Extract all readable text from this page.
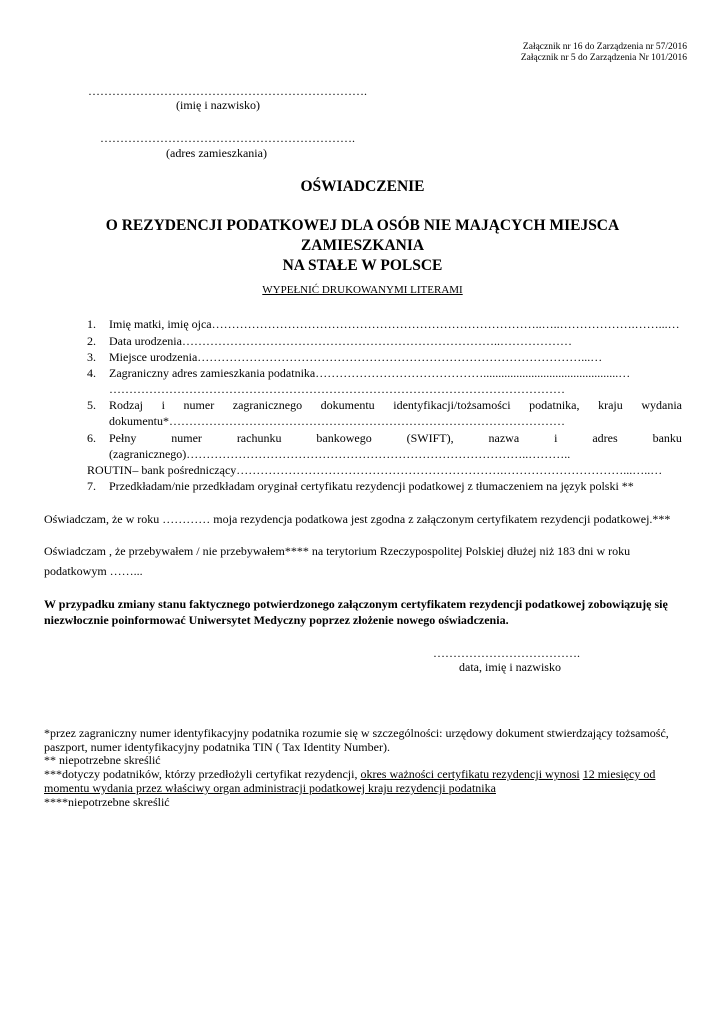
Załącznik nr 16 do Zarządzenia nr 57/2016
Załącznik nr 5 do Zarządzenia Nr 101/2016
…………………………………………………………….
(imię i nazwisko)
……………………………………………………….
(adres zamieszkania)
OŚWIADCZENIE
O REZYDENCJI PODATKOWEJ DLA OSÓB NIE MAJĄCYCH MIEJSCA
ZAMIESZKANIA
NA STAŁE W POLSCE
WYPEŁNIĆ DRUKOWANYMI LITERAMI
1. Imię matki, imię ojca………………………………………………………………………..…..……………….……...…
2. Data urodzenia……………………………………………………………………..………………
3. Miejsce urodzenia……………………………………………………………………………………...…
4. Zagraniczny adres zamieszkania podatnika…………………………………….............................................…
……………………………………………………………………………………………………
5. Rodzaj i numer zagranicznego dokumentu identyfikacji/tożsamości podatnika, kraju wydania
dokumentu*………………………………………………………………………………………
6. Pełny	numer	rachunku	bankowego	(SWIFT),	nazwa	i	adres	banku
(zagranicznego)…………………………………………………………………………..………..
ROUTIN– bank pośredniczący………………………………………………………….…………………………...…..…
7. Przedkładam/nie przedkładam oryginał certyfikatu rezydencji podatkowej z tłumaczeniem na język polski **
Oświadczam, że w roku ………… moja rezydencja podatkowa jest zgodna z załączonym certyfikatem rezydencji podatkowej.***
Oświadczam , że przebywałem / nie przebywałem**** na terytorium Rzeczypospolitej Polskiej dłużej niż 183 dni w roku
podatkowym ……...
W przypadku zmiany stanu faktycznego potwierdzonego załączonym certyfikatem rezydencji podatkowej zobowiązuję się niezwłocznie poinformować Uniwersytet Medyczny poprzez złożenie nowego oświadczenia.
……………………………….
data, imię i nazwisko
*przez zagraniczny numer identyfikacyjny podatnika rozumie się w szczególności: urzędowy dokument stwierdzający tożsamość, paszport, numer identyfikacyjny podatnika TIN ( Tax Identity Number).
** niepotrzebne skreślić
***dotyczy podatników, którzy przedłożyli certyfikat rezydencji, okres ważności certyfikatu rezydencji wynosi 12 miesięcy od momentu wydania przez właściwy organ administracji podatkowej kraju rezydencji podatnika
****niepotrzebne skreślić
